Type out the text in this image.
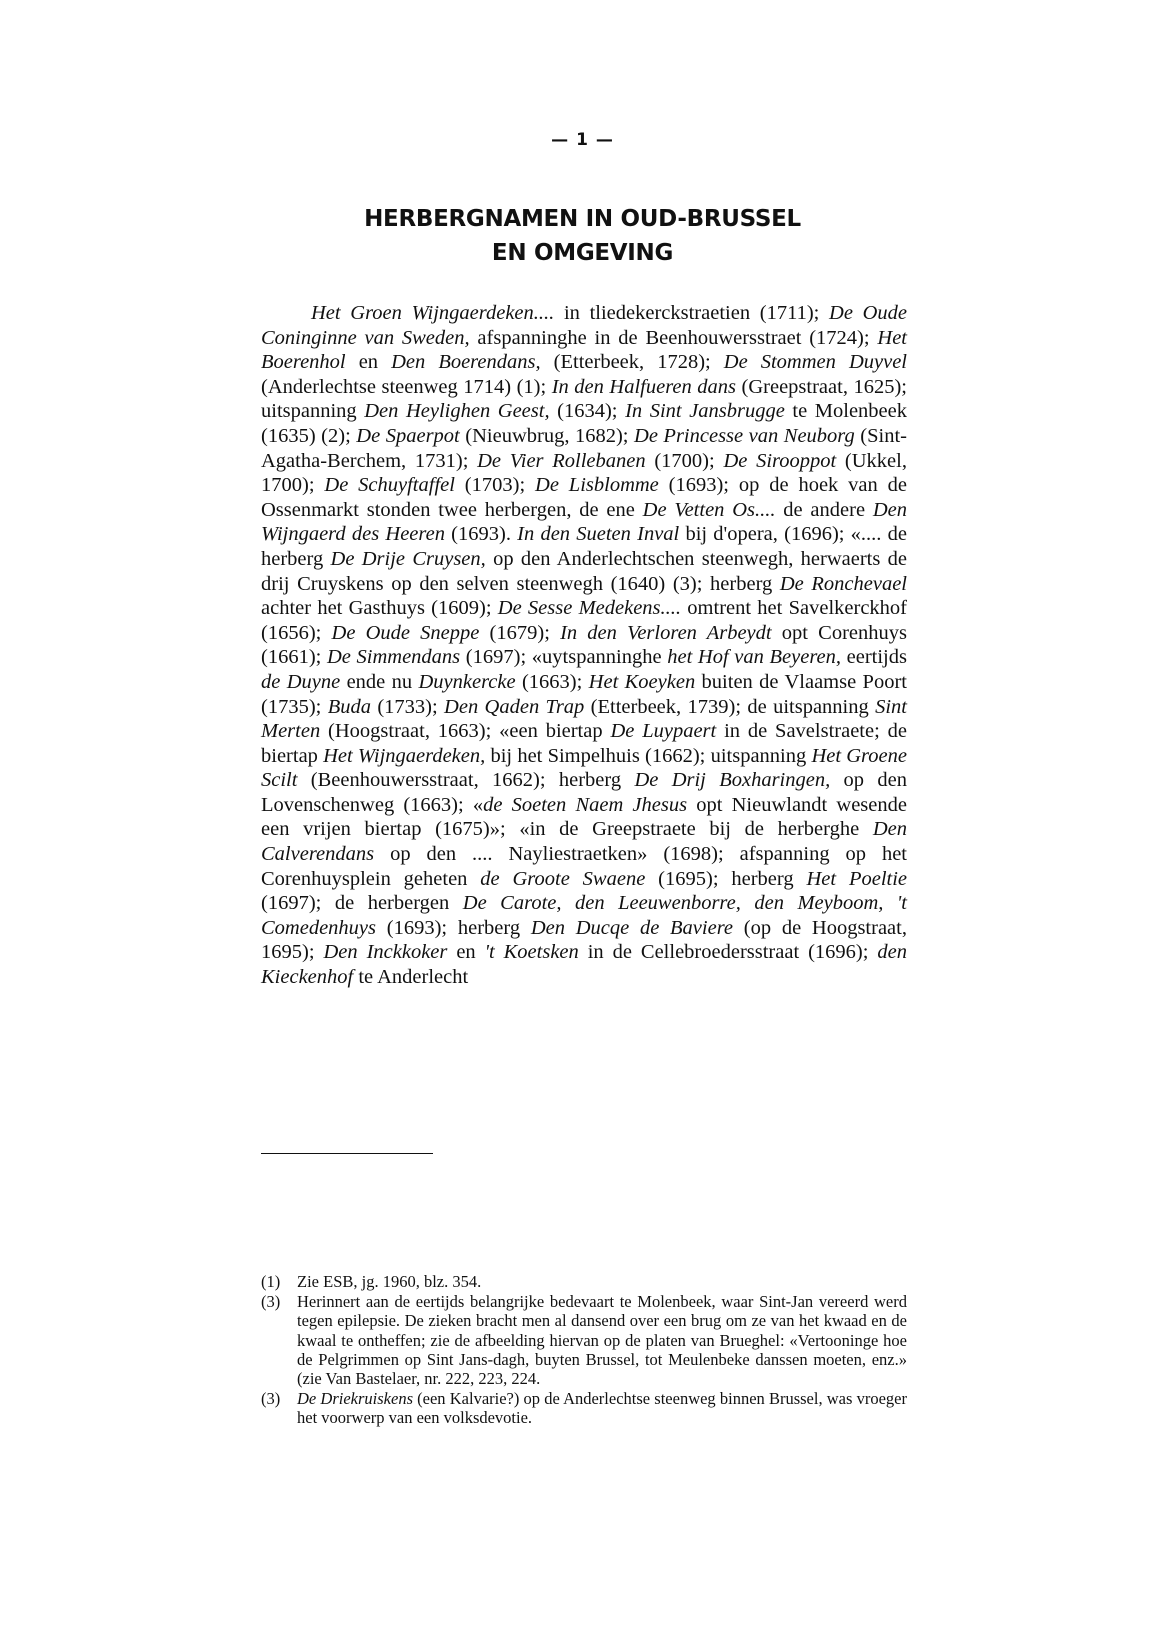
— 1 —
HERBERGNAMEN IN OUD-BRUSSEL
EN OMGEVING

Het Groen Wijngaerdeken.... in tliedekerckstraetien (1711); De Oude Coninginne van Sweden, afspanninghe in de Beenhouwersstraet (1724); Het Boerenhol en Den Boerendans, (Etterbeek, 1728); De Stommen Duyvel (Anderlechtse steenweg 1714) (1); In den Halfueren dans (Greepstraat, 1625); uitspanning Den Heylighen Geest, (1634); In Sint Jansbrugge te Molenbeek (1635) (2); De Spaerpot (Nieuwbrug, 1682); De Princesse van Neuborg (Sint-Agatha-Berchem, 1731); De Vier Rollebanen (1700); De Sirooppot (Ukkel, 1700); De Schuyftaffel (1703); De Lisblomme (1693); op de hoek van de Ossenmarkt stonden twee herbergen, de ene De Vetten Os.... de andere Den Wijngaerd des Heeren (1693). In den Sueten Inval bij d'opera, (1696); «.... de herberg De Drije Cruysen, op den Anderlechtschen steenwegh, herwaerts de drij Cruyskens op den selven steenwegh (1640) (3); herberg De Ronchevael achter het Gasthuys (1609); De Sesse Medekens.... omtrent het Savelkerckhof (1656); De Oude Sneppe (1679); In den Verloren Arbeydt opt Corenhuys (1661); De Simmendans (1697); «uytspanninghe het Hof van Beyeren, eertijds de Duyne ende nu Duynkercke (1663); Het Koeyken buiten de Vlaamse Poort (1735); Buda (1733); Den Qaden Trap (Etterbeek, 1739); de uitspanning Sint Merten (Hoogstraat, 1663); «een biertap De Luypaert in de Savelstraete; de biertap Het Wijngaerdeken, bij het Simpelhuis (1662); uitspanning Het Groene Scilt (Beenhouwersstraat, 1662); herberg De Drij Boxharingen, op den Lovenschenweg (1663); «de Soeten Naem Jhesus opt Nieuwlandt wesende een vrijen biertap (1675)»; «in de Greepstraete bij de herberghe Den Calverendans op den .... Nayliestraetken» (1698); afspanning op het Corenhuysplein geheten de Groote Swaene (1695); herberg Het Poeltie (1697); de herbergen De Carote, den Leeuwenborre, den Meyboom, 't Comedenhuys (1693); herberg Den Ducqe de Baviere (op de Hoogstraat, 1695); Den Inckkoker en 't Koetsken in de Cellebroedersstraat (1696); den Kieckenhof te Anderlecht

(1)	Zie ESB, jg. 1960, blz. 354.
(3)	Herinnert aan de eertijds belangrijke bedevaart te Molenbeek, waar Sint-Jan vereerd werd tegen epilepsie. De zieken bracht men al dansend over een brug om ze van het kwaad en de kwaal te ontheffen; zie de afbeelding hiervan op de platen van Brueghel: «Vertooninge hoe de Pelgrimmen op Sint Jans-dagh, buyten Brussel, tot Meulenbeke danssen moeten, enz.» (zie Van Bastelaer, nr. 222, 223, 224.
(3)	De Driekruiskens (een Kalvarie?) op de Anderlechtse steenweg binnen Brussel, was vroeger het voorwerp van een volksdevotie.
